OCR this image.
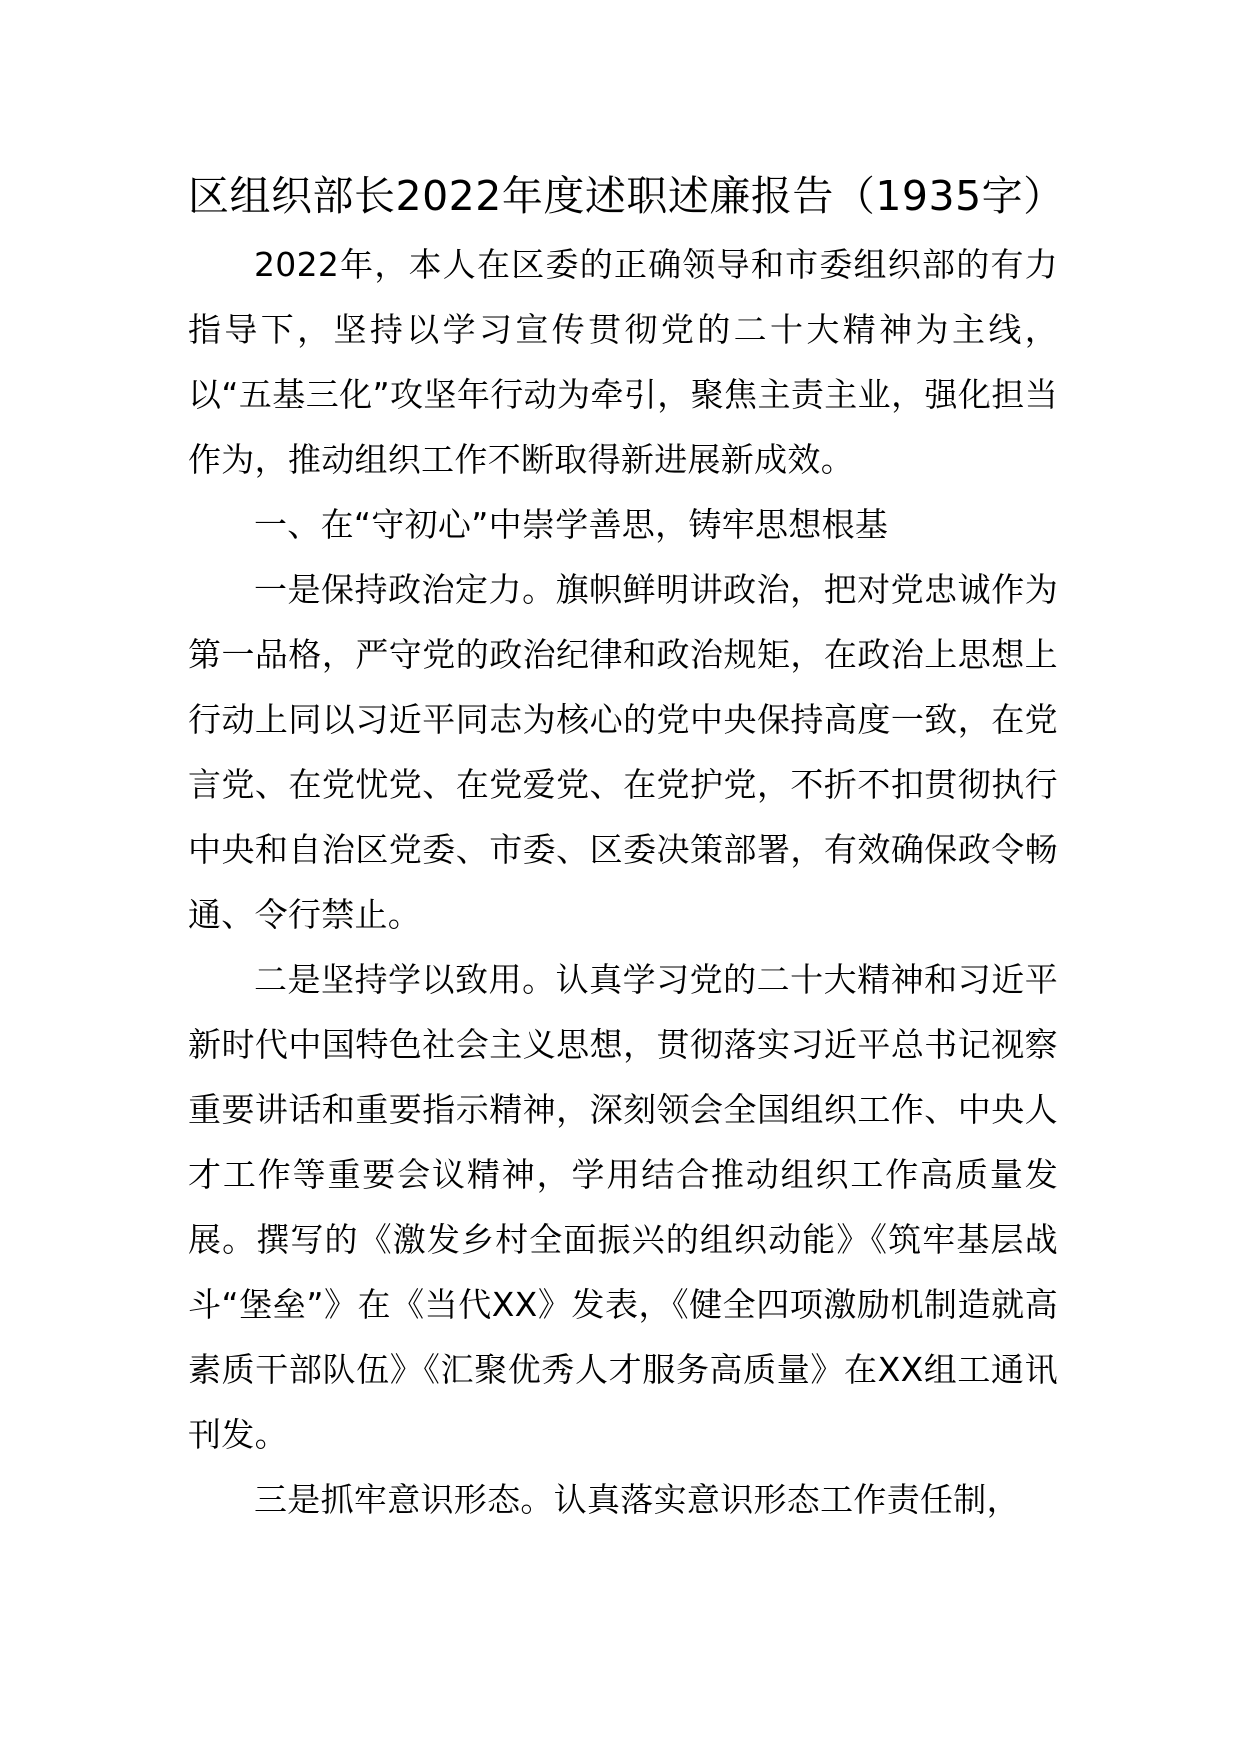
区组织部长2022年度述职述廉报告（1935字）

2022年，本人在区委的正确领导和市委组织部的有力指导下，坚持以学习宣传贯彻党的二十大精神为主线，以“五基三化”攻坚年行动为牵引，聚焦主责主业，强化担当作为，推动组织工作不断取得新进展新成效。

一、在“守初心”中崇学善思，铸牢思想根基

一是保持政治定力。旗帜鲜明讲政治，把对党忠诚作为第一品格，严守党的政治纪律和政治规矩，在政治上思想上行动上同以习近平同志为核心的党中央保持高度一致，在党言党、在党忧党、在党爱党、在党护党，不折不扣贯彻执行中央和自治区党委、市委、区委决策部署，有效确保政令畅通、令行禁止。

二是坚持学以致用。认真学习党的二十大精神和习近平新时代中国特色社会主义思想，贯彻落实习近平总书记视察重要讲话和重要指示精神，深刻领会全国组织工作、中央人才工作等重要会议精神，学用结合推动组织工作高质量发展。撰写的《激发乡村全面振兴的组织动能》《筑牢基层战斗“堡垒”》在《当代XX》发表，《健全四项激励机制造就高素质干部队伍》《汇聚优秀人才服务高质量》在XX组工通讯刊发。

三是抓牢意识形态。认真落实意识形态工作责任制，
